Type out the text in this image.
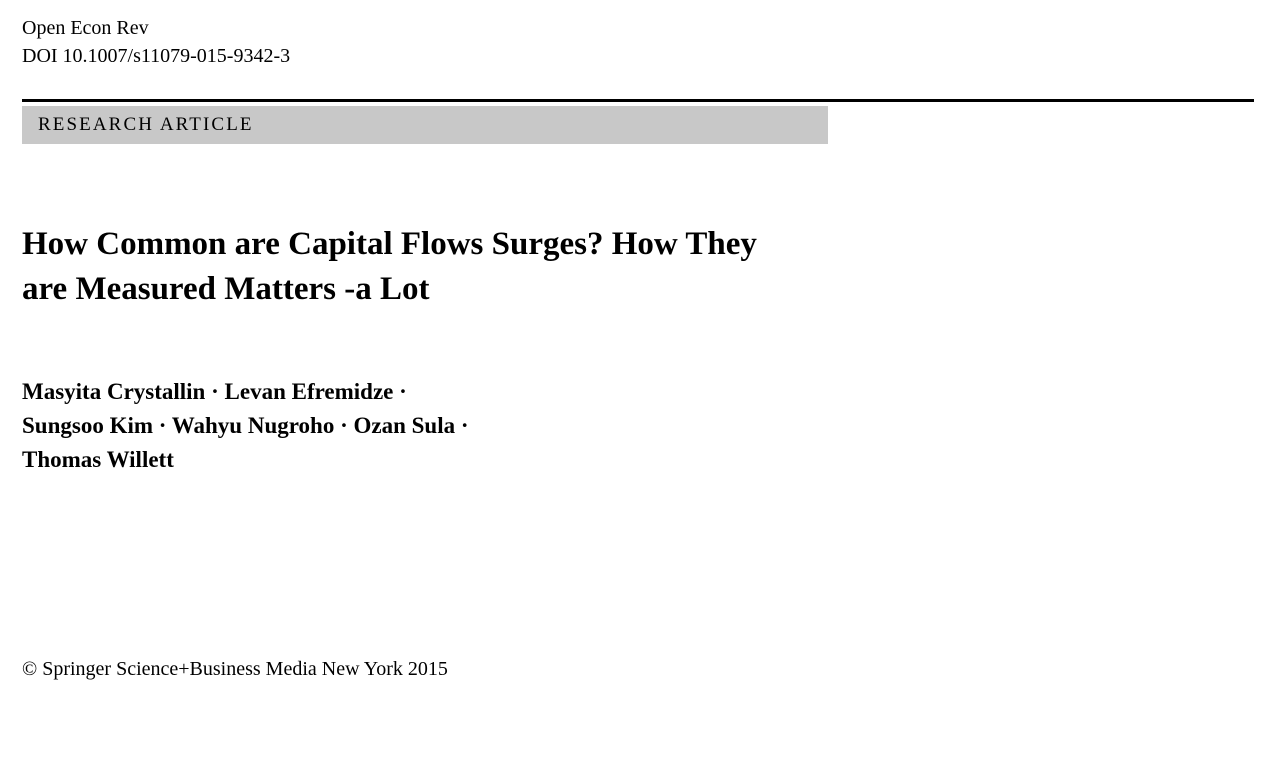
Open Econ Rev
DOI 10.1007/s11079-015-9342-3
RESEARCH ARTICLE
How Common are Capital Flows Surges? How They
are Measured Matters -a Lot
Masyita Crystallin · Levan Efremidze ·
Sungsoo Kim · Wahyu Nugroho · Ozan Sula ·
Thomas Willett
© Springer Science+Business Media New York 2015
